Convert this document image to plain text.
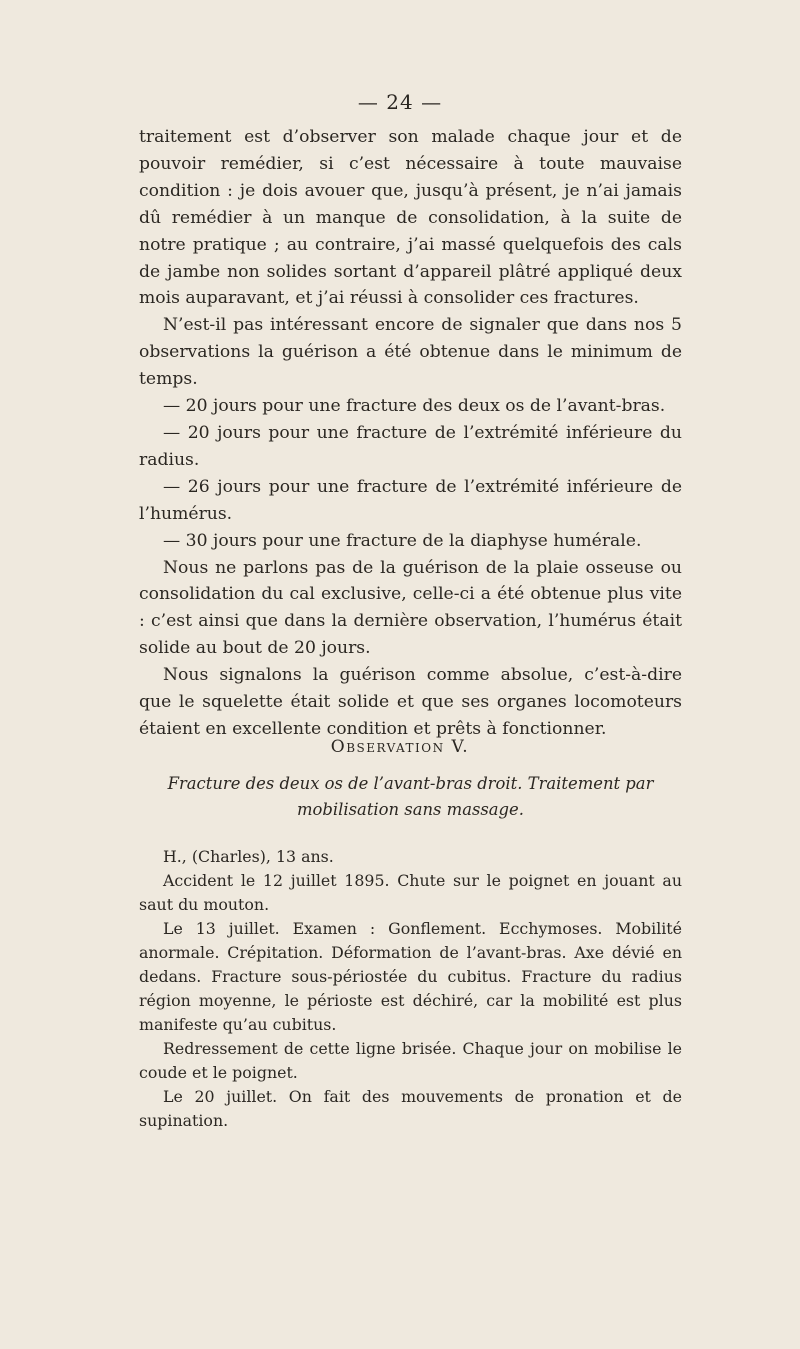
— 24 —

traitement est d’observer son malade chaque jour et de pouvoir remédier, si c’est nécessaire à toute mauvaise condition : je dois avouer que, jusqu’à présent, je n’ai jamais dû remédier à un manque de consolidation, à la suite de notre pratique ; au contraire, j’ai massé quelquefois des cals de jambe non solides sortant d’appareil plâtré appliqué deux mois auparavant, et j’ai réussi à consolider ces fractures.

N’est-il pas intéressant encore de signaler que dans nos 5 observations la guérison a été obtenue dans le minimum de temps.

— 20 jours pour une fracture des deux os de l’avant-bras.

— 20 jours pour une fracture de l’extrémité inférieure du radius.

— 26 jours pour une fracture de l’extrémité inférieure de l’humérus.

— 30 jours pour une fracture de la diaphyse humérale.

Nous ne parlons pas de la guérison de la plaie osseuse ou consolidation du cal exclusive, celle-ci a été obtenue plus vite : c’est ainsi que dans la dernière observation, l’humérus était solide au bout de 20 jours.

Nous signalons la guérison comme absolue, c’est-à-dire que le squelette était solide et que ses organes locomoteurs étaient en excellente condition et prêts à fonctionner.

Observation V.
Fracture des deux os de l’avant-bras droit. Traitement par mobilisation sans massage.

H., (Charles), 13 ans.

Accident le 12 juillet 1895. Chute sur le poignet en jouant au saut du mouton.

Le 13 juillet. Examen : Gonflement. Ecchymoses. Mobilité anormale. Crépitation. Déformation de l’avant-bras. Axe dévié en dedans. Fracture sous-périostée du cubitus. Fracture du radius région moyenne, le périoste est déchiré, car la mobilité est plus manifeste qu’au cubitus.

Redressement de cette ligne brisée. Chaque jour on mobilise le coude et le poignet.

Le 20 juillet. On fait des mouvements de pronation et de supination.
